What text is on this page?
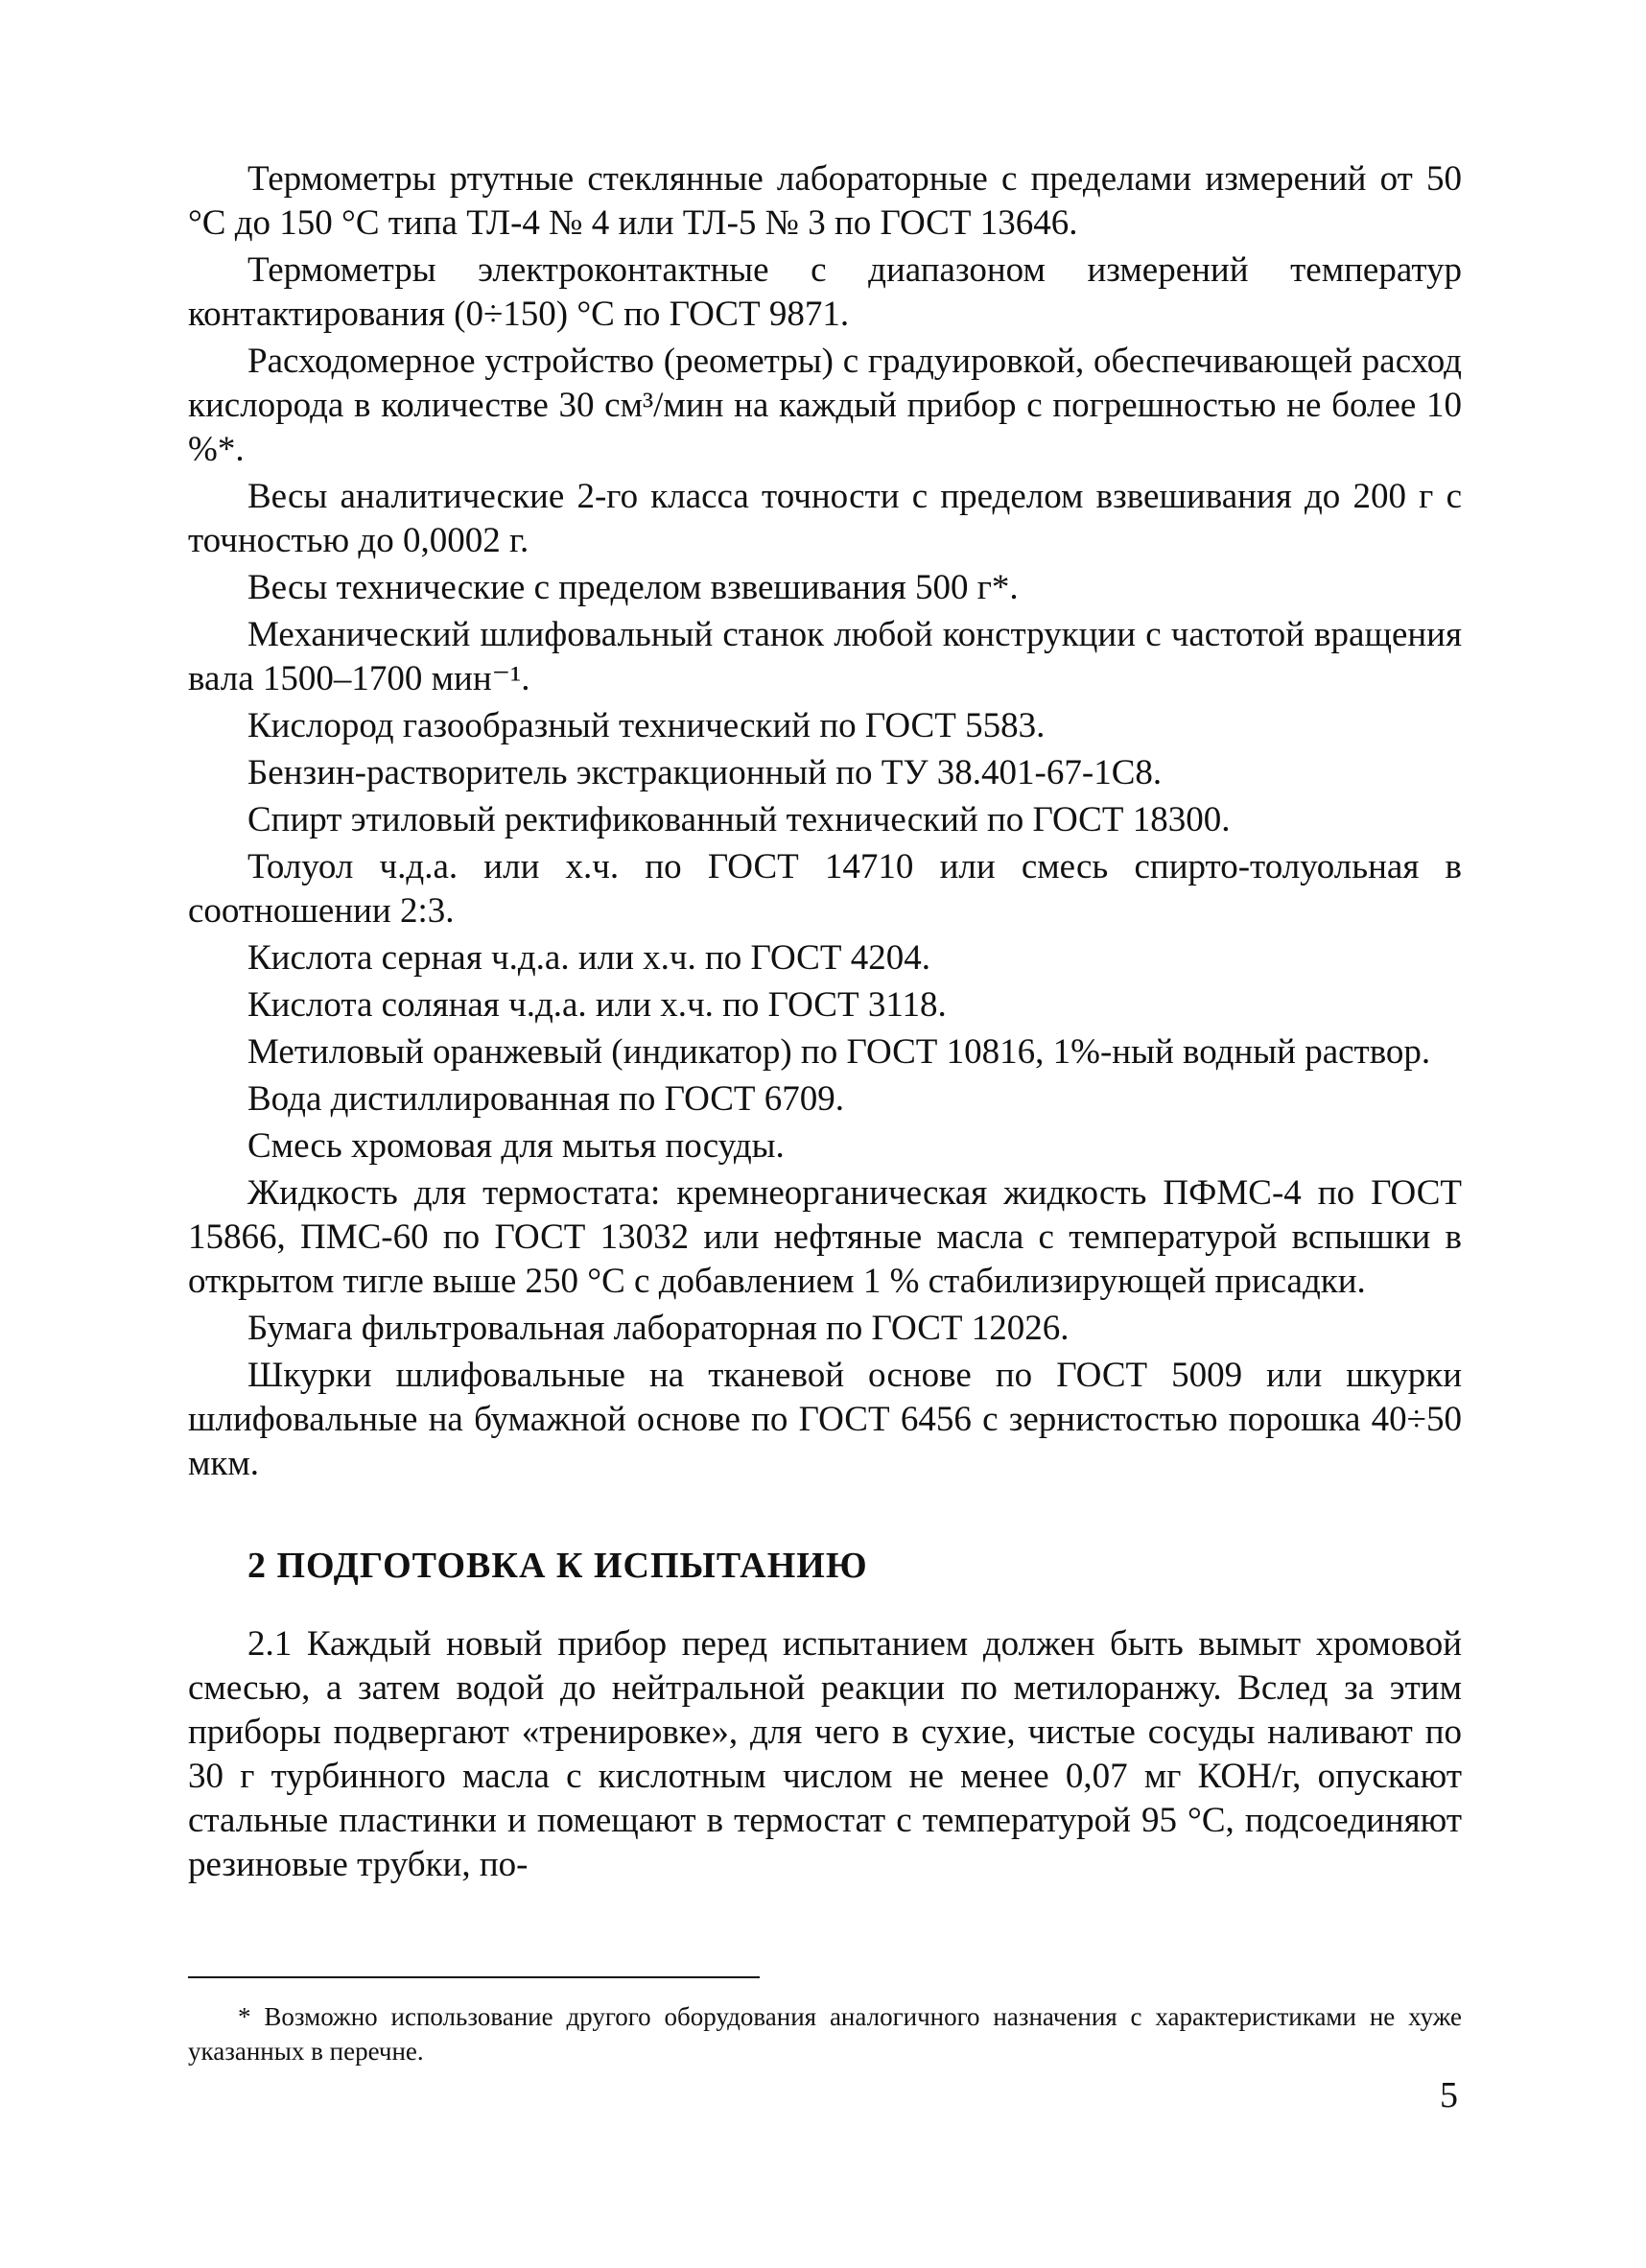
Термометры ртутные стеклянные лабораторные с пределами измерений от 50 °С до 150 °С типа ТЛ-4 № 4 или ТЛ-5 № 3 по ГОСТ 13646.

Термометры электроконтактные с диапазоном измерений температур контактирования (0÷150) °С по ГОСТ 9871.

Расходомерное устройство (реометры) с градуировкой, обеспечивающей расход кислорода в количестве 30 см³/мин на каждый прибор с погрешностью не более 10 %*.

Весы аналитические 2-го класса точности с пределом взвешивания до 200 г с точностью до 0,0002 г.

Весы технические с пределом взвешивания 500 г*.

Механический шлифовальный станок любой конструкции с частотой вращения вала 1500–1700 мин⁻¹.

Кислород газообразный технический по ГОСТ 5583.

Бензин-растворитель экстракционный по ТУ 38.401-67-1С8.

Спирт этиловый ректификованный технический по ГОСТ 18300.

Толуол ч.д.а. или х.ч. по ГОСТ 14710 или смесь спирто-толуольная в соотношении 2:3.

Кислота серная ч.д.а. или х.ч. по ГОСТ 4204.

Кислота соляная ч.д.а. или х.ч. по ГОСТ 3118.

Метиловый оранжевый (индикатор) по ГОСТ 10816, 1%-ный водный раствор.

Вода дистиллированная по ГОСТ 6709.

Смесь хромовая для мытья посуды.

Жидкость для термостата: кремнеорганическая жидкость ПФМС-4 по ГОСТ 15866, ПМС-60 по ГОСТ 13032 или нефтяные масла с температурой вспышки в открытом тигле выше 250 °С с добавлением 1 % стабилизирующей присадки.

Бумага фильтровальная лабораторная по ГОСТ 12026.

Шкурки шлифовальные на тканевой основе по ГОСТ 5009 или шкурки шлифовальные на бумажной основе по ГОСТ 6456 с зернистостью порошка 40÷50 мкм.

2 ПОДГОТОВКА К ИСПЫТАНИЮ

2.1 Каждый новый прибор перед испытанием должен быть вымыт хромовой смесью, а затем водой до нейтральной реакции по метилоранжу. Вслед за этим приборы подвергают «тренировке», для чего в сухие, чистые сосуды наливают по 30 г турбинного масла с кислотным числом не менее 0,07 мг КОН/г, опускают стальные пластинки и помещают в термостат с температурой 95 °С, подсоединяют резиновые трубки, по-

* Возможно использование другого оборудования аналогичного назначения с характеристиками не хуже указанных в перечне.

5
